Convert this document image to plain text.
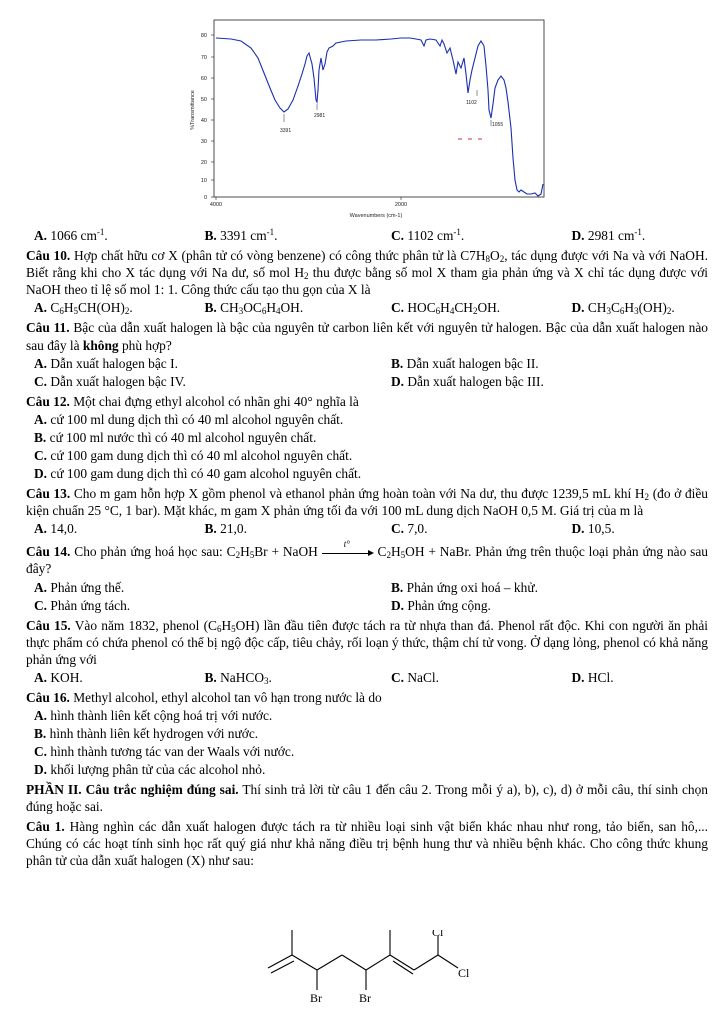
80
70
60
50
40
30
20
10
0
%Transmittance
4000	2000
Wavenumbers (cm-1)
3391
2981
1102
1055
A. 1066 $cm^{-1}$.	B. 3391 $cm^{-1}$.	C. 1102 $cm^{-1}$.	D. 2981 $cm^{-1}$.
Câu 10. Hợp chất hữu cơ X (phân tử có vòng benzene) có công thức phân tử là $C7H_8O_2$, tác dụng được với Na và với NaOH. Biết rằng khi cho X tác dụng với Na dư, số mol $H_2$ thu được bằng số mol X tham gia phản ứng và X chỉ tác dụng được với NaOH theo tỉ lệ số mol 1: 1. Công thức cấu tạo thu gọn của X là
A. $C_6H_5CH(OH)_2$.	B. $CH_3OC_6H_4OH$.	C. $HOC_6H_4CH_2OH$.	D. $CH_3C_6H_3(OH)_2$.
Câu 11. Bậc của dẫn xuất halogen là bậc của nguyên tử carbon liên kết với nguyên tử halogen. Bậc của dẫn xuất halogen nào sau đây là không phù hợp?
A. Dẫn xuất halogen bậc I.	B. Dẫn xuất halogen bậc II.
C. Dẫn xuất halogen bậc IV.	D. Dẫn xuất halogen bậc III.
Câu 12. Một chai đựng ethyl alcohol có nhãn ghi 40° nghĩa là
A. cứ 100 ml dung dịch thì có 40 ml alcohol nguyên chất.
B. cứ 100 ml nước thì có 40 ml alcohol nguyên chất.
C. cứ 100 gam dung dịch thì có 40 ml alcohol nguyên chất.
D. cứ 100 gam dung dịch thì có 40 gam alcohol nguyên chất.
Câu 13. Cho m gam hỗn hợp X gồm phenol và ethanol phản ứng hoàn toàn với Na dư, thu được 1239,5 mL khí $H_2$ (đo ở điều kiện chuẩn 25 °C, 1 bar). Mặt khác, m gam X phản ứng tối đa với 100 mL dung dịch NaOH 0,5 M. Giá trị của m là
A. 14,0.	B. 21,0.	C. 7,0.	D. 10,5.
Câu 14. Cho phản ứng hoá học sau: $C_2H_5Br$ + NaOH
t°
$C_2H_5OH$ + NaBr. Phản ứng trên thuộc loại phản ứng nào sau đây?
A. Phản ứng thế.	B. Phản ứng oxi hoá – khử.
C. Phản ứng tách.	D. Phản ứng cộng.
Câu 15. Vào năm 1832, phenol $(C_6H_5OH)$ lần đầu tiên được tách ra từ nhựa than đá. Phenol rất độc. Khi con người ăn phải thực phẩm có chứa phenol có thể bị ngộ độc cấp, tiêu chảy, rối loạn ý thức, thậm chí tử vong. Ở dạng lỏng, phenol có khả năng phản ứng với
A. KOH.	B. NaHCO$_3$.	C. NaCl.	D. HCl.
Câu 16. Methyl alcohol, ethyl alcohol tan vô hạn trong nước là do
A. hình thành liên kết cộng hoá trị với nước.
B. hình thành liên kết hydrogen với nước.
C. hình thành tương tác van der Waals với nước.
D. khối lượng phân tử của các alcohol nhỏ.
PHẦN II. Câu trắc nghiệm đúng sai. Thí sinh trả lời từ câu 1 đến câu 2. Trong mỗi ý a), b), c), d) ở mỗi câu, thí sinh chọn đúng hoặc sai.
Câu 1. Hàng nghìn các dẫn xuất halogen được tách ra từ nhiều loại sinh vật biển khác nhau như rong, tảo biển, san hô,... Chúng có các hoạt tính sinh học rất quý giá như khả năng điều trị bệnh hung thư và nhiều bệnh khác. Cho công thức khung phân tử của dẫn xuất halogen (X) như sau:
Cl
Cl
Br	Br
